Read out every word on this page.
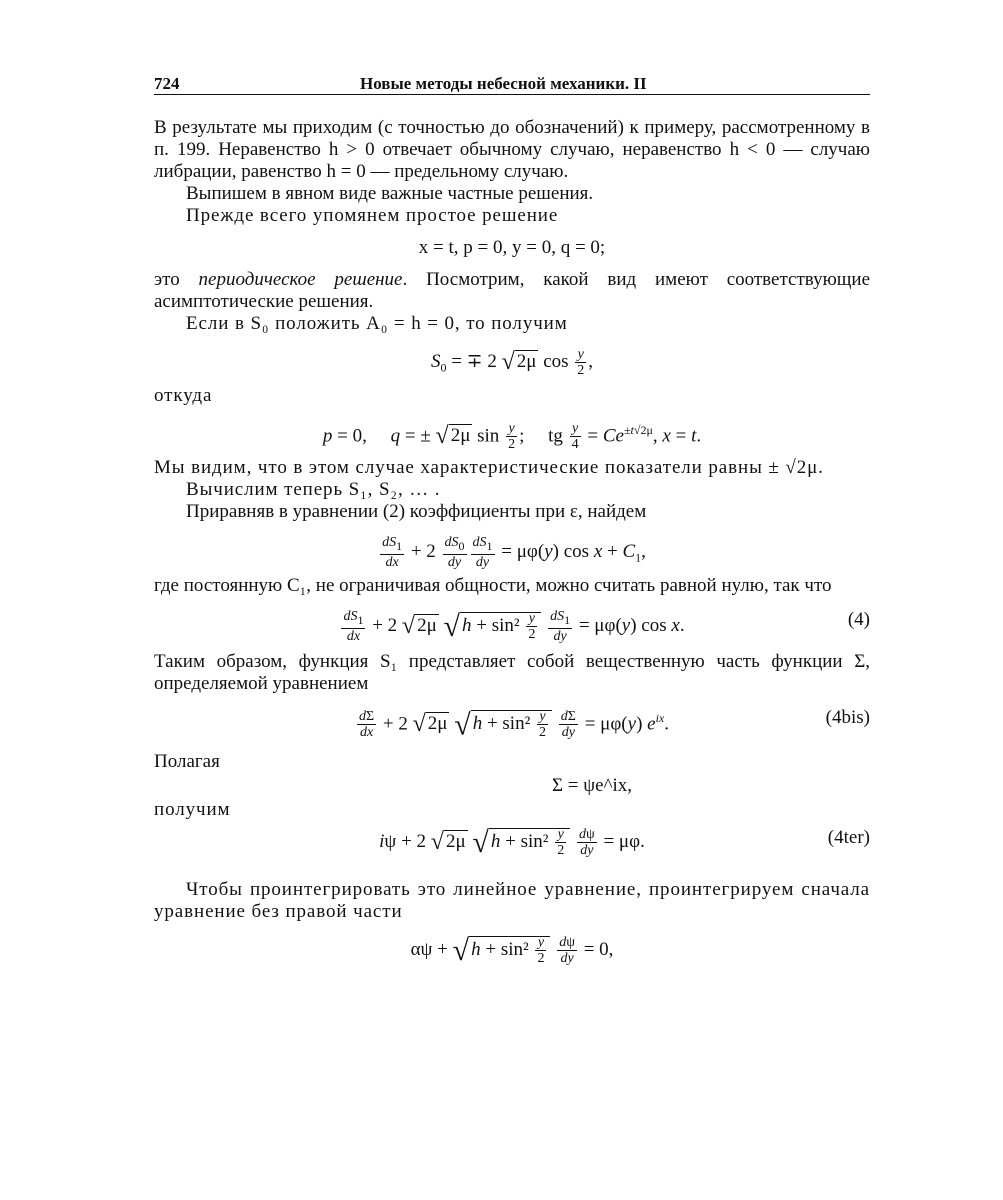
724	Новые методы небесной механики. II

В результате мы приходим (с точностью до обозначений) к примеру, рассмотренному в п. 199. Неравенство h > 0 отвечает обычному случаю, неравенство h < 0 — случаю либрации, равенство h = 0 — предельному случаю.

Выпишем в явном виде важные частные решения.

Прежде всего упомянем простое решение

x = t, p = 0, y = 0, q = 0;

это периодическое решение. Посмотрим, какой вид имеют соответствующие асимптотические решения.

Если в S₀ положить A₀ = h = 0, то получим

$S_0$ = ∓ 2 √ 2μ $\cos \frac{y}{2}$ ,

откуда

p = 0,     q = ± √ 2μ $\sin \frac{y}{2}$ ;     tg $\frac{y}{4} = Ce^{\pm t√2\mu}$, x = t.

Мы видим, что в этом случае характеристические показатели равны ± √2μ.

Вычислим теперь S₁, S₂, … .

Приравняв в уравнении (2) коэффициенты при ε, найдем

$\frac{dS_1}{dx} + 2 \frac{dS_0}{dy} \frac{dS_1}{dy} = \mu\varphi(y)$ $\cos x + C_1$,

где постоянную C₁, не ограничивая общности, можно считать равной нулю, так что

$\frac{dS_1}{dx} + 2$ √ 2μ √ $h + \sin^2 \frac{y}{2}$
$\frac{dS_1}{dy} = \mu\varphi(y)$ cos x.	(4)

Таким образом, функция S₁ представляет собой вещественную часть функции Σ, определяемой уравнением

$\frac{d\Sigma}{dx} + 2$ √ 2μ √ $h + \sin^2 \frac{y}{2}$
$\frac{d\Sigma}{dy} = \mu\varphi(y)$ $e^{ix}$.	(4bis)

Полагая

Σ = ψe^ix,

получим

iψ + 2 √ 2μ √ $h + \sin^2 \frac{y}{2}$
$\frac{d\psi}{dy} = \mu\varphi$.	(4ter)

Чтобы проинтегрировать это линейное уравнение, проинтегрируем сначала уравнение без правой части

αψ + √ $h + \sin^2 \frac{y}{2}$
$\frac{d\psi}{dy} = 0$,
